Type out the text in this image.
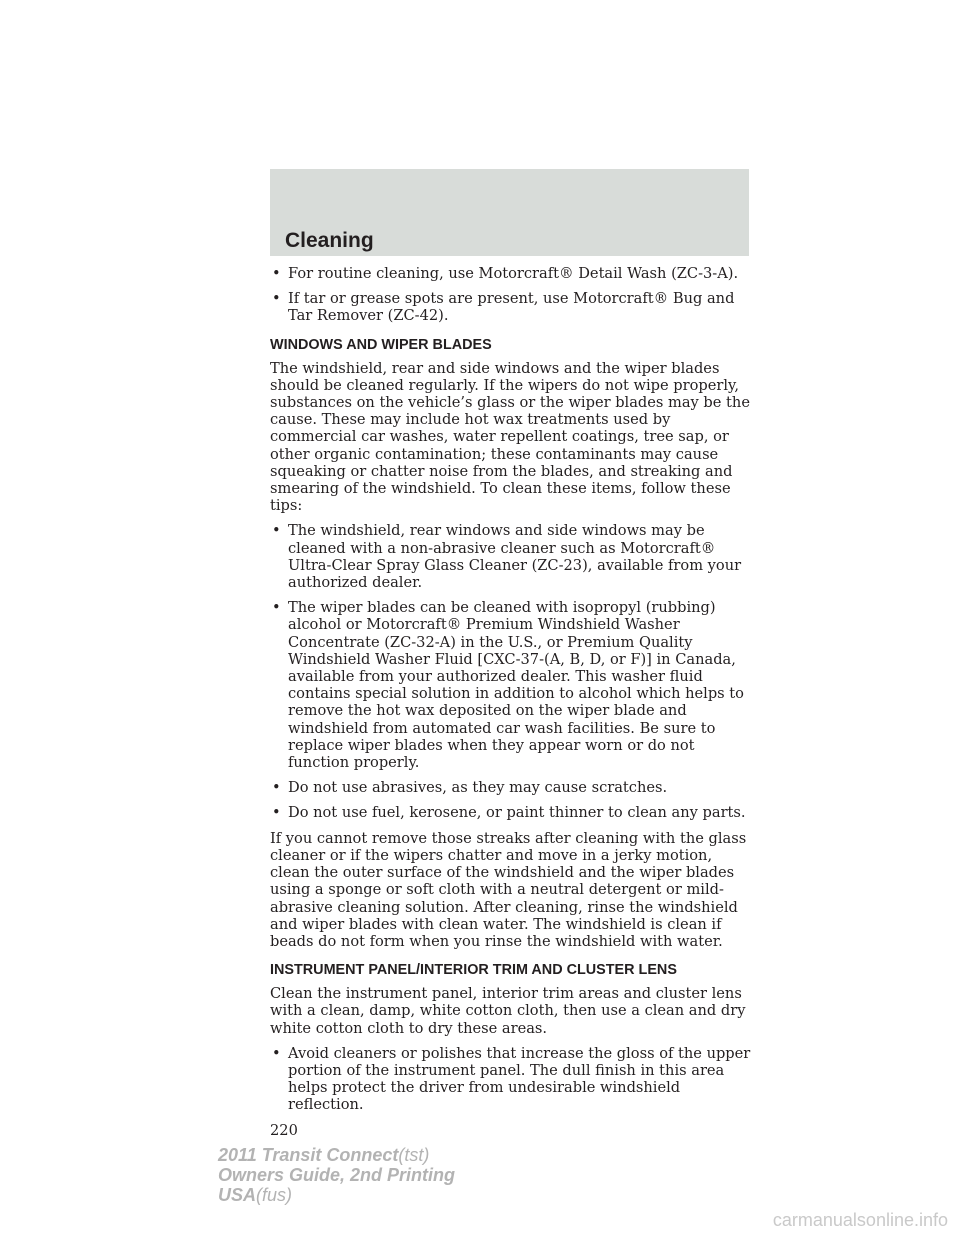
Cleaning
• For routine cleaning, use Motorcraft® Detail Wash (ZC-3-A).
• If tar or grease spots are present, use Motorcraft® Bug and Tar Remover (ZC-42).
WINDOWS AND WIPER BLADES

The windshield, rear and side windows and the wiper blades should be cleaned regularly. If the wipers do not wipe properly, substances on the vehicle’s glass or the wiper blades may be the cause. These may include hot wax treatments used by commercial car washes, water repellent coatings, tree sap, or other organic contamination; these contaminants may cause squeaking or chatter noise from the blades, and streaking and smearing of the windshield. To clean these items, follow these tips:

• The windshield, rear windows and side windows may be cleaned with a non-abrasive cleaner such as Motorcraft® Ultra-Clear Spray Glass Cleaner (ZC-23), available from your authorized dealer.
• The wiper blades can be cleaned with isopropyl (rubbing) alcohol or Motorcraft® Premium Windshield Washer Concentrate (ZC-32-A) in the U.S., or Premium Quality Windshield Washer Fluid [CXC-37-(A, B, D, or F)] in Canada, available from your authorized dealer. This washer fluid contains special solution in addition to alcohol which helps to remove the hot wax deposited on the wiper blade and windshield from automated car wash facilities. Be sure to replace wiper blades when they appear worn or do not function properly.
• Do not use abrasives, as they may cause scratches.
• Do not use fuel, kerosene, or paint thinner to clean any parts.

If you cannot remove those streaks after cleaning with the glass cleaner or if the wipers chatter and move in a jerky motion, clean the outer surface of the windshield and the wiper blades using a sponge or soft cloth with a neutral detergent or mild-abrasive cleaning solution. After cleaning, rinse the windshield and wiper blades with clean water. The windshield is clean if beads do not form when you rinse the windshield with water.

INSTRUMENT PANEL/INTERIOR TRIM AND CLUSTER LENS

Clean the instrument panel, interior trim areas and cluster lens with a clean, damp, white cotton cloth, then use a clean and dry white cotton cloth to dry these areas.

• Avoid cleaners or polishes that increase the gloss of the upper portion of the instrument panel. The dull finish in this area helps protect the driver from undesirable windshield reflection.
220
2011 Transit Connect(tst)
Owners Guide, 2nd Printing
USA(fus)
carmanualsonline.info
